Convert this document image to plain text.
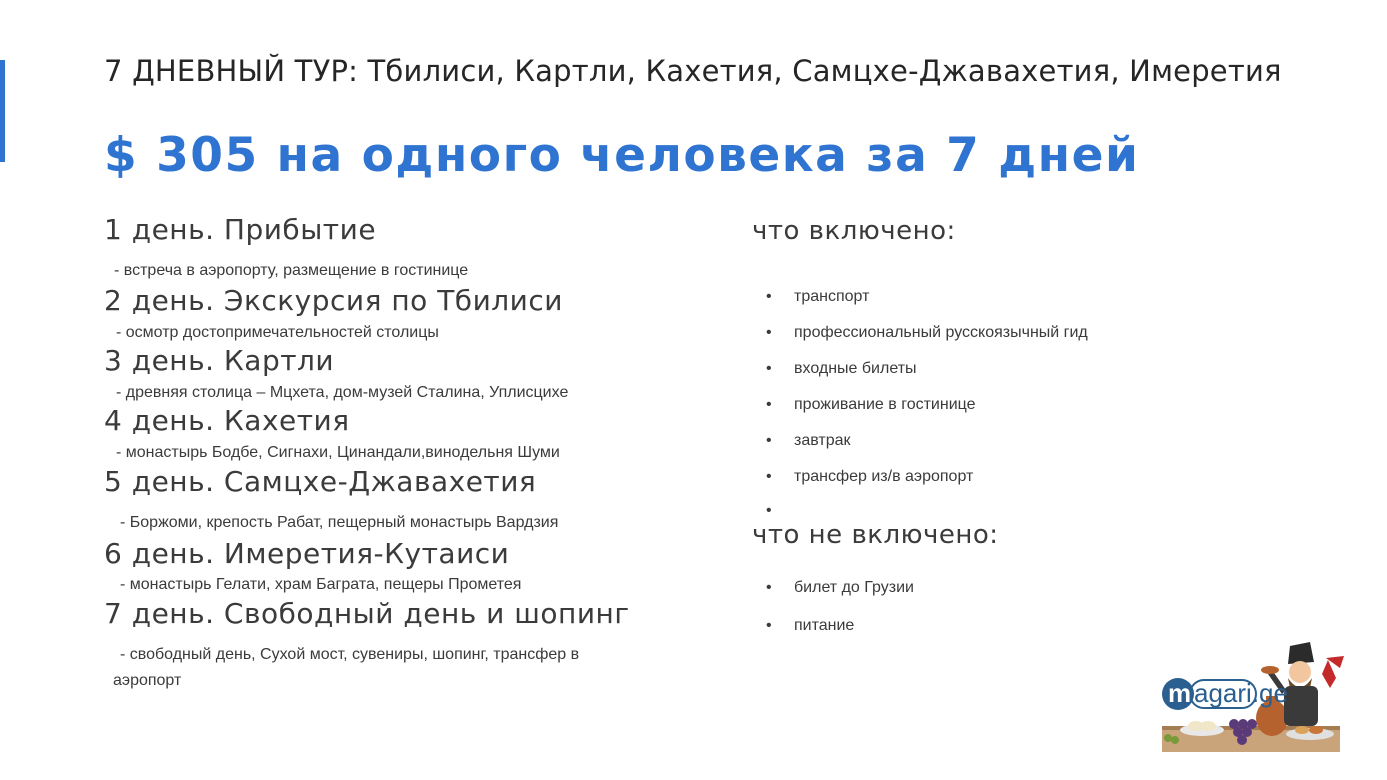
7 ДНЕВНЫЙ ТУР: Тбилиси, Картли, Кахетия, Самцхе-Джавахетия, Имеретия
$ 305 на одного человека за 7 дней
1 день. Прибытие
- встреча в аэропорту, размещение в гостинице
2 день. Экскурсия по Тбилиси
- осмотр достопримечательностей столицы
3 день. Картли
- древняя столица – Мцхета, дом-музей Сталина, Уплисцихе
4 день. Кахетия
- монастырь Бодбе, Сигнахи, Цинандали,винодельня Шуми
5 день. Самцхе-Джавахетия
- Боржоми, крепость Рабат, пещерный монастырь Вардзия
6 день. Имеретия-Кутаиси
- монастырь Гелати, храм Баграта, пещеры Прометея
7 день. Свободный день и шопинг
- свободный день, Сухой мост, сувениры, шопинг, трансфер в
аэропорт
что включено:
• транспорт
• профессиональный русскоязычный гид
• входные билеты
• проживание в гостинице
• завтрак
• трансфер из/в аэропорт
•
что не включено:
• билет до Грузии
• питание
m agari.ge
